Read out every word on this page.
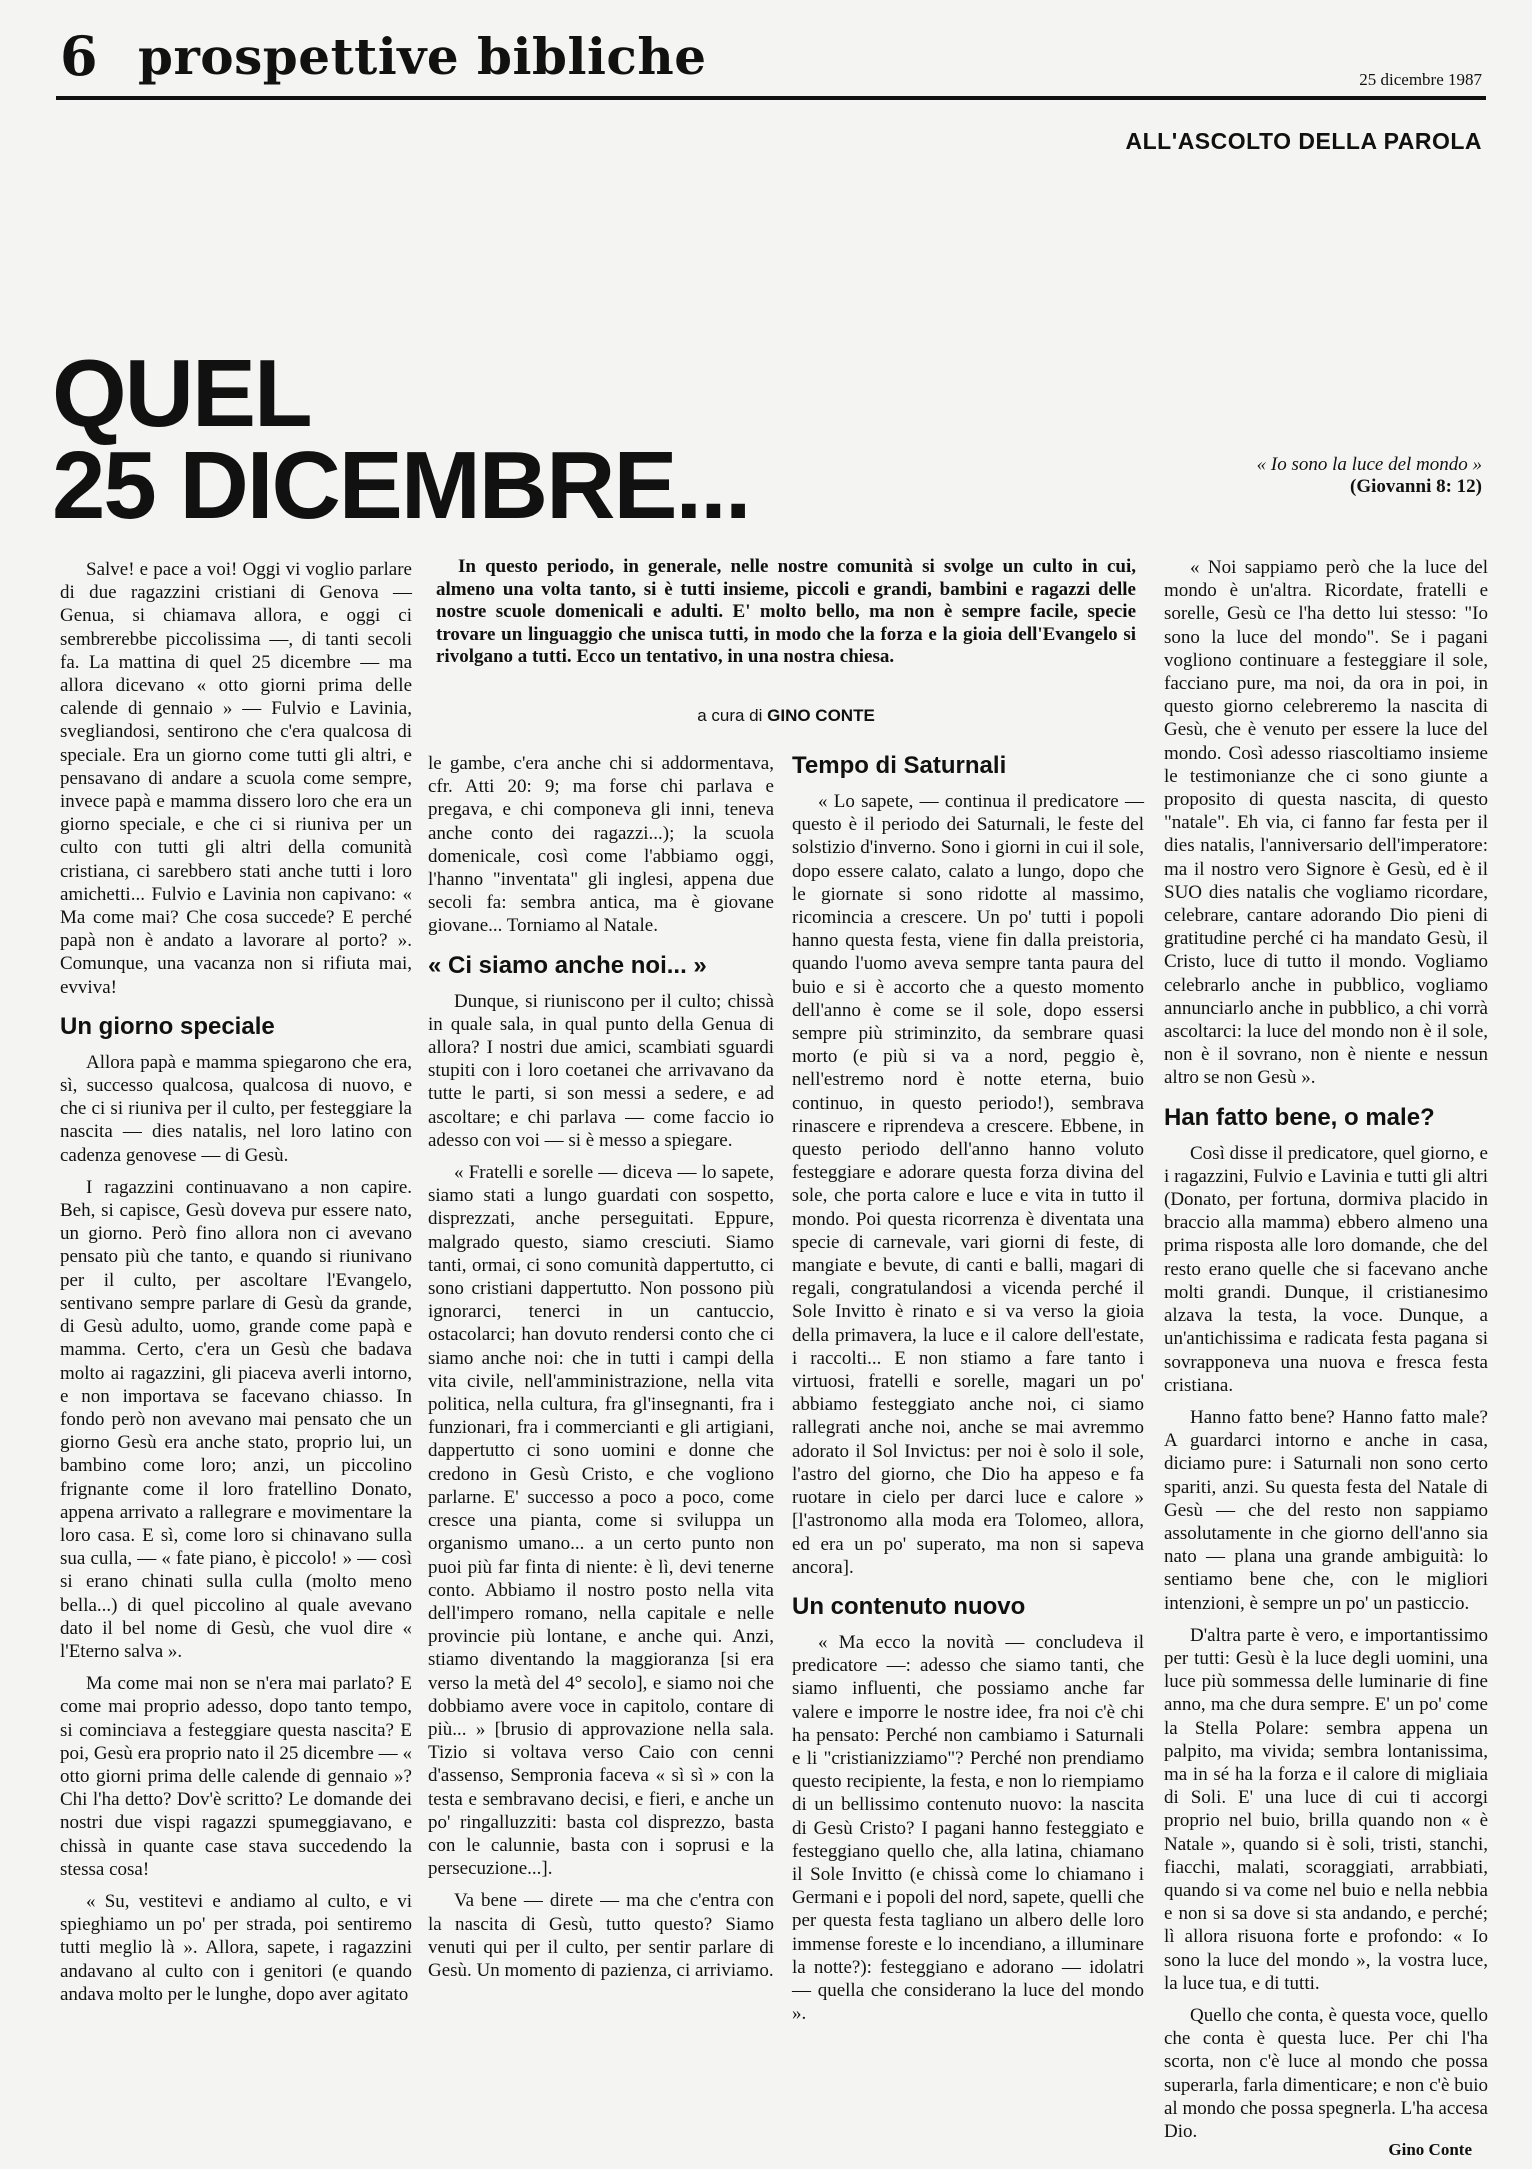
6 prospettive bibliche	25 dicembre 1987
ALL'ASCOLTO DELLA PAROLA
QUEL
25 DICEMBRE...	« Io sono la luce del mondo »
(Giovanni 8: 12)
In questo periodo, in generale, nelle nostre comunità si svolge un culto in cui, almeno una volta tanto, si è tutti insieme, piccoli e grandi, bambini e ragazzi delle nostre scuole domenicali e adulti. E' molto bello, ma non è sempre facile, specie trovare un linguaggio che unisca tutti, in modo che la forza e la gioia dell'Evangelo si rivolgano a tutti. Ecco un tentativo, in una nostra chiesa.
a cura di GINO CONTE

Salve! e pace a voi! Oggi vi voglio parlare di due ragazzini cristiani di Genova — Genua, si chiamava allora, e oggi ci sembrerebbe piccolissima —, di tanti secoli fa. La mattina di quel 25 dicembre — ma allora dicevano « otto giorni prima delle calende di gennaio » — Fulvio e Lavinia, svegliandosi, sentirono che c'era qualcosa di speciale. Era un giorno come tutti gli altri, e pensavano di andare a scuola come sempre, invece papà e mamma dissero loro che era un giorno speciale, e che ci si riuniva per un culto con tutti gli altri della comunità cristiana, ci sarebbero stati anche tutti i loro amichetti... Fulvio e Lavinia non capivano: « Ma come mai? Che cosa succede? E perché papà non è andato a lavorare al porto? ». Comunque, una vacanza non si rifiuta mai, evviva!

Un giorno speciale

Allora papà e mamma spiegarono che era, sì, successo qualcosa, qualcosa di nuovo, e che ci si riuniva per il culto, per festeggiare la nascita — dies natalis, nel loro latino con cadenza genovese — di Gesù.

I ragazzini continuavano a non capire. Beh, si capisce, Gesù doveva pur essere nato, un giorno. Però fino allora non ci avevano pensato più che tanto, e quando si riunivano per il culto, per ascoltare l'Evangelo, sentivano sempre parlare di Gesù da grande, di Gesù adulto, uomo, grande come papà e mamma. Certo, c'era un Gesù che badava molto ai ragazzini, gli piaceva averli intorno, e non importava se facevano chiasso. In fondo però non avevano mai pensato che un giorno Gesù era anche stato, proprio lui, un bambino come loro; anzi, un piccolino frignante come il loro fratellino Donato, appena arrivato a rallegrare e movimentare la loro casa. E sì, come loro si chinavano sulla sua culla, — « fate piano, è piccolo! » — così si erano chinati sulla culla (molto meno bella...) di quel piccolino al quale avevano dato il bel nome di Gesù, che vuol dire « l'Eterno salva ».

Ma come mai non se n'era mai parlato? E come mai proprio adesso, dopo tanto tempo, si cominciava a festeggiare questa nascita? E poi, Gesù era proprio nato il 25 dicembre — « otto giorni prima delle calende di gennaio »? Chi l'ha detto? Dov'è scritto? Le domande dei nostri due vispi ragazzi spumeggiavano, e chissà in quante case stava succedendo la stessa cosa!

« Su, vestitevi e andiamo al culto, e vi spieghiamo un po' per strada, poi sentiremo tutti meglio là ». Allora, sapete, i ragazzini andavano al culto con i genitori (e quando andava molto per le lunghe, dopo aver agitato

le gambe, c'era anche chi si addormentava, cfr. Atti 20: 9; ma forse chi parlava e pregava, e chi componeva gli inni, teneva anche conto dei ragazzi...); la scuola domenicale, così come l'abbiamo oggi, l'hanno "inventata" gli inglesi, appena due secoli fa: sembra antica, ma è giovane giovane... Torniamo al Natale.

« Ci siamo anche noi... »

Dunque, si riuniscono per il culto; chissà in quale sala, in qual punto della Genua di allora? I nostri due amici, scambiati sguardi stupiti con i loro coetanei che arrivavano da tutte le parti, si son messi a sedere, e ad ascoltare; e chi parlava — come faccio io adesso con voi — si è messo a spiegare.

« Fratelli e sorelle — diceva — lo sapete, siamo stati a lungo guardati con sospetto, disprezzati, anche perseguitati. Eppure, malgrado questo, siamo cresciuti. Siamo tanti, ormai, ci sono comunità dappertutto, ci sono cristiani dappertutto. Non possono più ignorarci, tenerci in un cantuccio, ostacolarci; han dovuto rendersi conto che ci siamo anche noi: che in tutti i campi della vita civile, nell'amministrazione, nella vita politica, nella cultura, fra gl'insegnanti, fra i funzionari, fra i commercianti e gli artigiani, dappertutto ci sono uomini e donne che credono in Gesù Cristo, e che vogliono parlarne. E' successo a poco a poco, come cresce una pianta, come si sviluppa un organismo umano... a un certo punto non puoi più far finta di niente: è lì, devi tenerne conto. Abbiamo il nostro posto nella vita dell'impero romano, nella capitale e nelle provincie più lontane, e anche qui. Anzi, stiamo diventando la maggioranza [si era verso la metà del 4° secolo], e siamo noi che dobbiamo avere voce in capitolo, contare di più... » [brusio di approvazione nella sala. Tizio si voltava verso Caio con cenni d'assenso, Sempronia faceva « sì sì » con la testa e sembravano decisi, e fieri, e anche un po' ringalluzziti: basta col disprezzo, basta con le calunnie, basta con i soprusi e la persecuzione...].

Va bene — direte — ma che c'entra con la nascita di Gesù, tutto questo? Siamo venuti qui per il culto, per sentir parlare di Gesù. Un momento di pazienza, ci arriviamo.

Tempo di Saturnali

« Lo sapete, — continua il predicatore — questo è il periodo dei Saturnali, le feste del solstizio d'inverno. Sono i giorni in cui il sole, dopo essere calato, calato a lungo, dopo che le giornate si sono ridotte al massimo, ricomincia a crescere. Un po' tutti i popoli hanno questa festa, viene fin dalla preistoria, quando l'uomo aveva sempre tanta paura del buio e si è accorto che a questo momento dell'anno è come se il sole, dopo essersi sempre più striminzito, da sembrare quasi morto (e più si va a nord, peggio è, nell'estremo nord è notte eterna, buio continuo, in questo periodo!), sembrava rinascere e riprendeva a crescere. Ebbene, in questo periodo dell'anno hanno voluto festeggiare e adorare questa forza divina del sole, che porta calore e luce e vita in tutto il mondo. Poi questa ricorrenza è diventata una specie di carnevale, vari giorni di feste, di mangiate e bevute, di canti e balli, magari di regali, congratulandosi a vicenda perché il Sole Invitto è rinato e si va verso la gioia della primavera, la luce e il calore dell'estate, i raccolti... E non stiamo a fare tanto i virtuosi, fratelli e sorelle, magari un po' abbiamo festeggiato anche noi, ci siamo rallegrati anche noi, anche se mai avremmo adorato il Sol Invictus: per noi è solo il sole, l'astro del giorno, che Dio ha appeso e fa ruotare in cielo per darci luce e calore » [l'astronomo alla moda era Tolomeo, allora, ed era un po' superato, ma non si sapeva ancora].

Un contenuto nuovo

« Ma ecco la novità — concludeva il predicatore —: adesso che siamo tanti, che siamo influenti, che possiamo anche far valere e imporre le nostre idee, fra noi c'è chi ha pensato: Perché non cambiamo i Saturnali e li "cristianizziamo"? Perché non prendiamo questo recipiente, la festa, e non lo riempiamo di un bellissimo contenuto nuovo: la nascita di Gesù Cristo? I pagani hanno festeggiato e festeggiano quello che, alla latina, chiamano il Sole Invitto (e chissà come lo chiamano i Germani e i popoli del nord, sapete, quelli che per questa festa tagliano un albero delle loro immense foreste e lo incendiano, a illuminare la notte?): festeggiano e adorano — idolatri — quella che considerano la luce del mondo ».

« Noi sappiamo però che la luce del mondo è un'altra. Ricordate, fratelli e sorelle, Gesù ce l'ha detto lui stesso: "Io sono la luce del mondo". Se i pagani vogliono continuare a festeggiare il sole, facciano pure, ma noi, da ora in poi, in questo giorno celebreremo la nascita di Gesù, che è venuto per essere la luce del mondo. Così adesso riascoltiamo insieme le testimonianze che ci sono giunte a proposito di questa nascita, di questo "natale". Eh via, ci fanno far festa per il dies natalis, l'anniversario dell'imperatore: ma il nostro vero Signore è Gesù, ed è il SUO dies natalis che vogliamo ricordare, celebrare, cantare adorando Dio pieni di gratitudine perché ci ha mandato Gesù, il Cristo, luce di tutto il mondo. Vogliamo celebrarlo anche in pubblico, vogliamo annunciarlo anche in pubblico, a chi vorrà ascoltarci: la luce del mondo non è il sole, non è il sovrano, non è niente e nessun altro se non Gesù ».

Han fatto bene, o male?

Così disse il predicatore, quel giorno, e i ragazzini, Fulvio e Lavinia e tutti gli altri (Donato, per fortuna, dormiva placido in braccio alla mamma) ebbero almeno una prima risposta alle loro domande, che del resto erano quelle che si facevano anche molti grandi. Dunque, il cristianesimo alzava la testa, la voce. Dunque, a un'antichissima e radicata festa pagana si sovrapponeva una nuova e fresca festa cristiana.

Hanno fatto bene? Hanno fatto male? A guardarci intorno e anche in casa, diciamo pure: i Saturnali non sono certo spariti, anzi. Su questa festa del Natale di Gesù — che del resto non sappiamo assolutamente in che giorno dell'anno sia nato — plana una grande ambiguità: lo sentiamo bene che, con le migliori intenzioni, è sempre un po' un pasticcio.

D'altra parte è vero, e importantissimo per tutti: Gesù è la luce degli uomini, una luce più sommessa delle luminarie di fine anno, ma che dura sempre. E' un po' come la Stella Polare: sembra appena un palpito, ma vivida; sembra lontanissima, ma in sé ha la forza e il calore di migliaia di Soli. E' una luce di cui ti accorgi proprio nel buio, brilla quando non « è Natale », quando si è soli, tristi, stanchi, fiacchi, malati, scoraggiati, arrabbiati, quando si va come nel buio e nella nebbia e non si sa dove si sta andando, e perché; lì allora risuona forte e profondo: « Io sono la luce del mondo », la vostra luce, la luce tua, e di tutti.

Quello che conta, è questa voce, quello che conta è questa luce. Per chi l'ha scorta, non c'è luce al mondo che possa superarla, farla dimenticare; e non c'è buio al mondo che possa spegnerla. L'ha accesa Dio.

Gino Conte
